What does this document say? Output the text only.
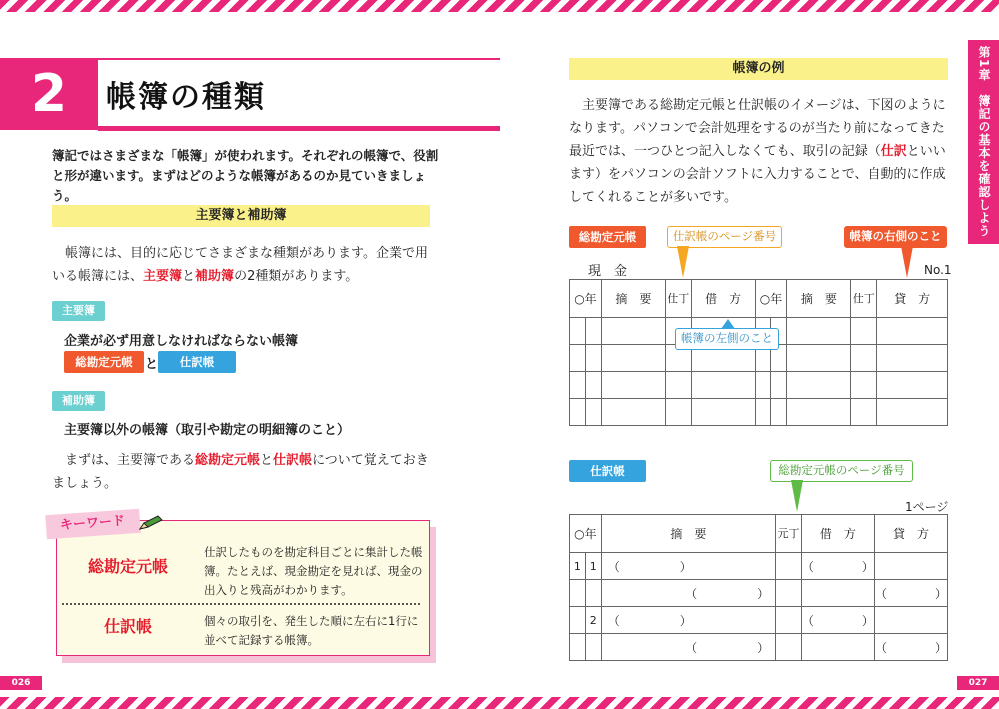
026	027
2	帳簿の種類
簿記ではさまざまな「帳簿」が使われます。それぞれの帳簿で、役割と形が違います。まずはどのような帳簿があるのか見ていきましょう。
主要簿と補助簿
帳簿には、目的に応じてさまざまな種類があります。企業で用いる帳簿には、主要簿と補助簿の2種類があります。
主要簿
企業が必ず用意しなければならない帳簿
総勘定元帳 と	仕訳帳
補助簿
主要簿以外の帳簿（取引や勘定の明細簿のこと）
まずは、主要簿である総勘定元帳と仕訳帳について覚えておきましょう。
キーワード
総勘定元帳
仕訳したものを勘定科目ごとに集計した帳簿。たとえば、現金勘定を見れば、現金の出入りと残高がわかります。
仕訳帳	個々の取引を、発生した順に左右に1行に並べて記録する帳簿。
第1章　簿記の基本を確認しよう
帳簿の例
主要簿である総勘定元帳と仕訳帳のイメージは、下図のようになります。パソコンで会計処理をするのが当たり前になってきた最近では、一つひとつ記入しなくても、取引の記録（仕訳といいます）をパソコンの会計ソフトに入力することで、自動的に作成してくれることが多いです。
総勘定元帳	仕訳帳のページ番号	帳簿の右側のこと
現　金	No.1
○年		摘　要	仕丁	借　方	○年		摘　要	仕丁	貸　方

帳簿の左側のこと
仕訳帳	総勘定元帳のページ番号
1ページ
○年		摘　要	元丁	借　方	貸　方
1	1	（　　　　　）		（　　　　）	
		（　　　　　）			（　　　　）
	2	（　　　　　）		（　　　　）	
		（　　　　　）			（　　　　）
